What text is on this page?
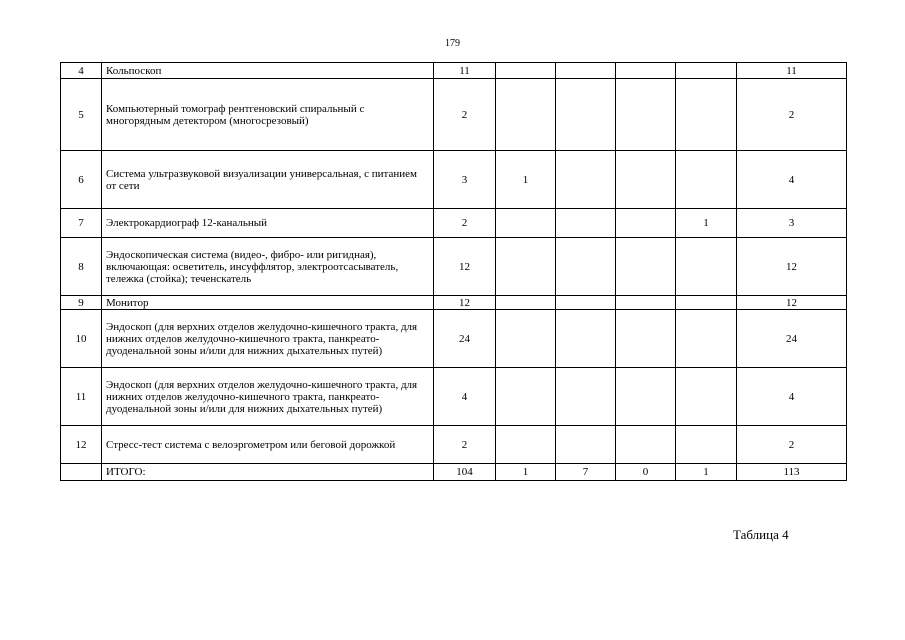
179
4	Кольпоскоп	11					11
5	Компьютерный томограф рентгеновский спиральный с многорядным детектором (многосрезовый)	2					2
6	Система ультразвуковой визуализации универсальная, с питанием от сети	3	1				4
7	Электрокардиограф 12-канальный	2				1	3
8	Эндоскопическая система (видео-, фибро- или ригидная), включающая: осветитель, инсуффлятор, электроотсасыватель, тележка (стойка); теченскатель	12					12
9	Монитор	12					12
10	Эндоскоп (для верхних отделов желудочно-кишечного тракта, для нижних отделов желудочно-кишечного тракта, панкреато-дуоденальной зоны и/или для нижних дыхательных путей)	24					24
11	Эндоскоп (для верхних отделов желудочно-кишечного тракта, для нижних отделов желудочно-кишечного тракта, панкреато-дуоденальной зоны и/или для нижних дыхательных путей)	4					4
12	Стресс-тест система с велоэргометром или беговой дорожкой	2					2
	ИТОГО:	104	1	7	0	1	113
Таблица 4
